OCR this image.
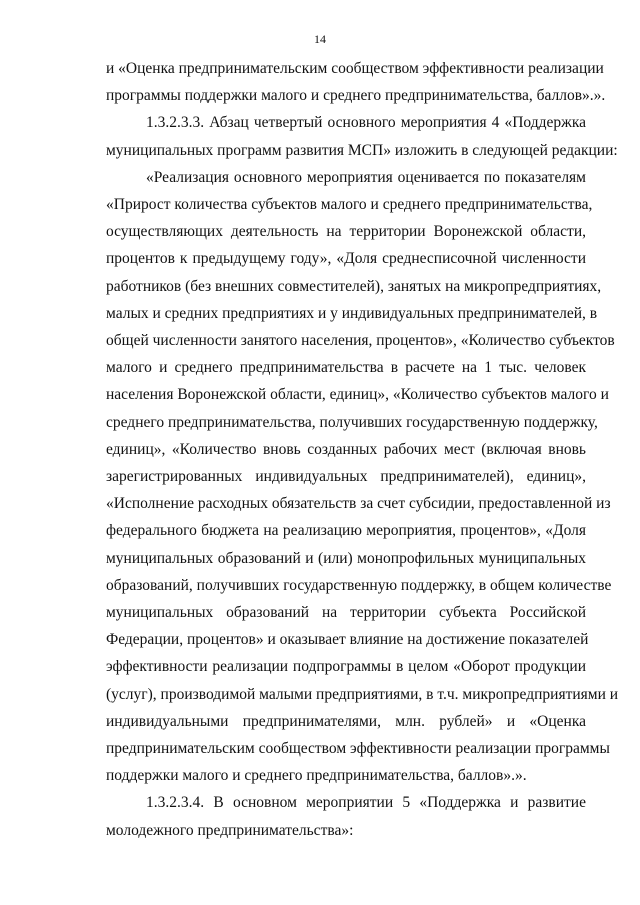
14
и «Оценка предпринимательским сообществом эффективности реализации
программы поддержки малого и среднего предпринимательства, баллов».».
1.3.2.3.3. Абзац четвертый основного мероприятия 4 «Поддержка
муниципальных программ развития МСП» изложить в следующей редакции:
«Реализация основного мероприятия оценивается по показателям
«Прирост количества субъектов малого и среднего предпринимательства,
осуществляющих деятельность на территории Воронежской области,
процентов к предыдущему году», «Доля среднесписочной численности
работников (без внешних совместителей), занятых на микропредприятиях,
малых и средних предприятиях и у индивидуальных предпринимателей, в
общей численности занятого населения, процентов», «Количество субъектов
малого и среднего предпринимательства в расчете на 1 тыс. человек
населения Воронежской области, единиц», «Количество субъектов малого и
среднего предпринимательства, получивших государственную поддержку,
единиц», «Количество вновь созданных рабочих мест (включая вновь
зарегистрированных индивидуальных предпринимателей), единиц»,
«Исполнение расходных обязательств за счет субсидии, предоставленной из
федерального бюджета на реализацию мероприятия, процентов», «Доля
муниципальных образований и (или) монопрофильных муниципальных
образований, получивших государственную поддержку, в общем количестве
муниципальных образований на территории субъекта Российской
Федерации, процентов» и оказывает влияние на достижение показателей
эффективности реализации подпрограммы в целом «Оборот продукции
(услуг), производимой малыми предприятиями, в т.ч. микропредприятиями и
индивидуальными предпринимателями, млн. рублей» и «Оценка
предпринимательским сообществом эффективности реализации программы
поддержки малого и среднего предпринимательства, баллов».».
1.3.2.3.4. В основном мероприятии 5 «Поддержка и развитие
молодежного предпринимательства»:
